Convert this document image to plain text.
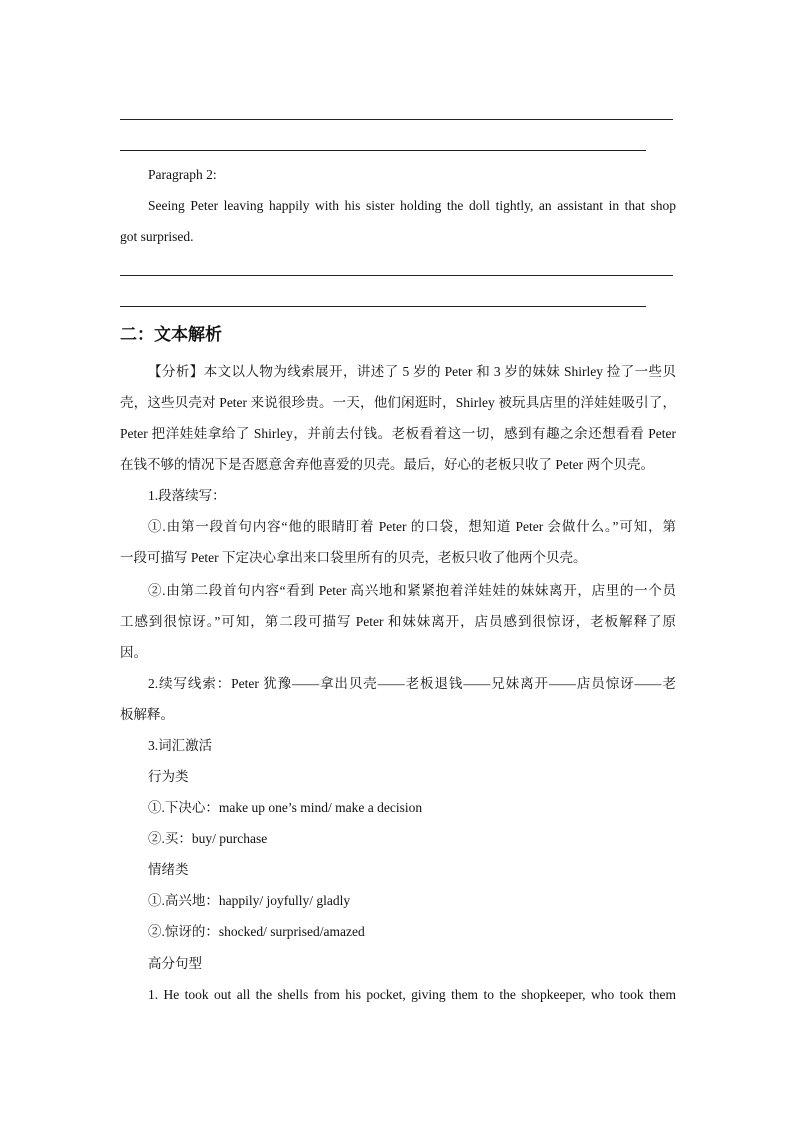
Paragraph 2:
Seeing Peter leaving happily with his sister holding the doll tightly, an assistant in that shop
got surprised.
二：文本解析
【分析】本文以人物为线索展开，讲述了 5 岁的 Peter 和 3 岁的妹妹 Shirley 捡了一些贝
壳，这些贝壳对 Peter 来说很珍贵。一天，他们闲逛时，Shirley 被玩具店里的洋娃娃吸引了，
Peter 把洋娃娃拿给了 Shirley，并前去付钱。老板看着这一切，感到有趣之余还想看看 Peter
在钱不够的情况下是否愿意舍弃他喜爱的贝壳。最后，好心的老板只收了 Peter 两个贝壳。
1.段落续写：
①.由第一段首句内容“他的眼睛盯着 Peter 的口袋，想知道 Peter 会做什么。”可知，第
一段可描写 Peter 下定决心拿出来口袋里所有的贝壳，老板只收了他两个贝壳。
②.由第二段首句内容“看到 Peter 高兴地和紧紧抱着洋娃娃的妹妹离开，店里的一个员
工感到很惊讶。”可知，第二段可描写 Peter 和妹妹离开，店员感到很惊讶，老板解释了原
因。
2.续写线索：Peter 犹豫——拿出贝壳——老板退钱——兄妹离开——店员惊讶——老
板解释。
3.词汇激活
行为类
①.下决心：make up one’s mind/ make a decision
②.买：buy/ purchase
情绪类
①.高兴地：happily/ joyfully/ gladly
②.惊讶的：shocked/ surprised/amazed
高分句型
1. He took out all the shells from his pocket, giving them to the shopkeeper, who took them
